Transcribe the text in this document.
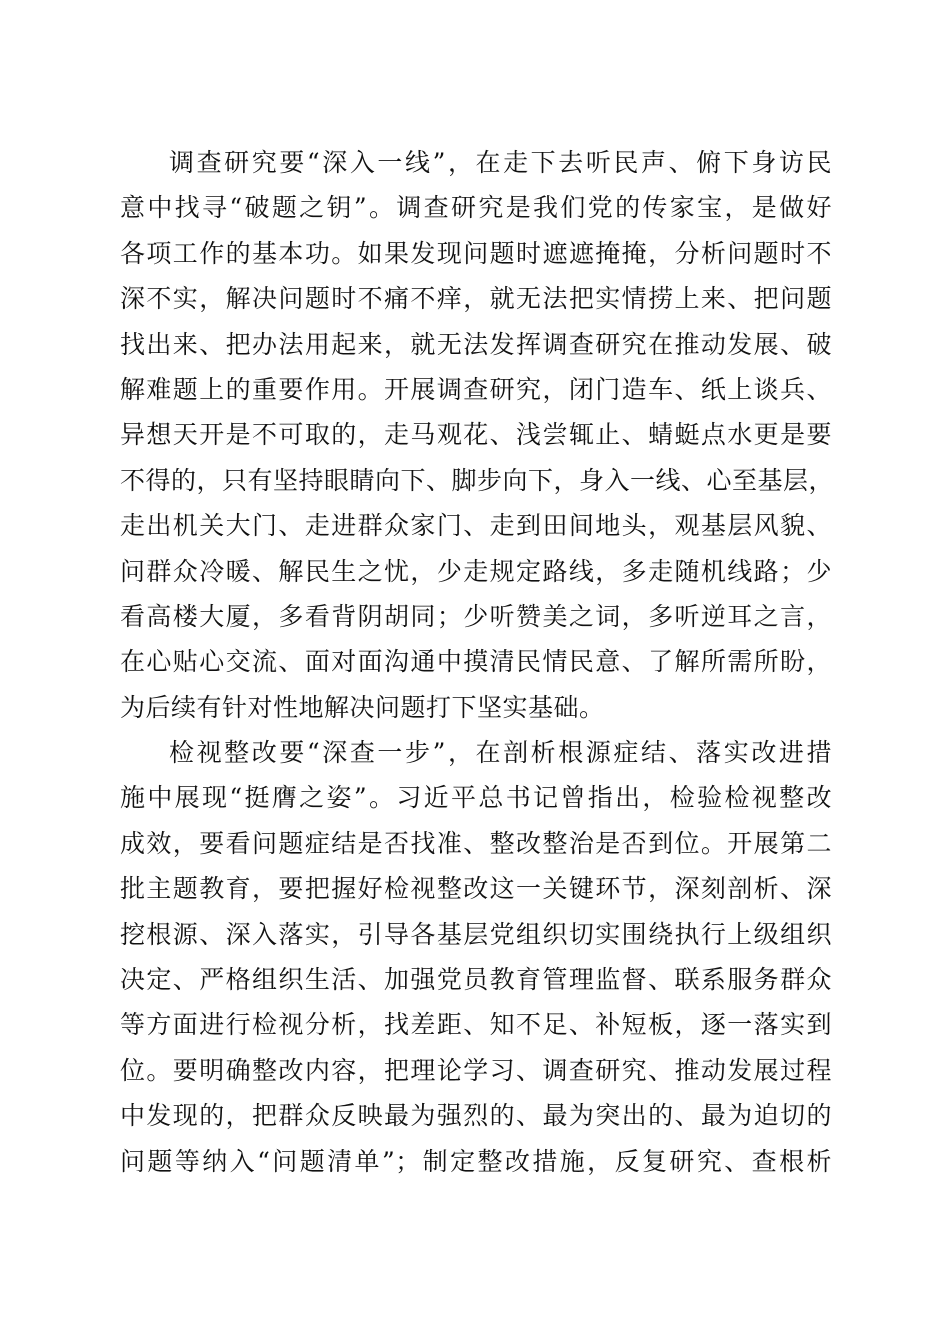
调查研究要“深入一线”，在走下去听民声、俯下身访民
意中找寻“破题之钥”。调查研究是我们党的传家宝，是做好
各项工作的基本功。如果发现问题时遮遮掩掩，分析问题时不
深不实，解决问题时不痛不痒，就无法把实情捞上来、把问题
找出来、把办法用起来，就无法发挥调查研究在推动发展、破
解难题上的重要作用。开展调查研究，闭门造车、纸上谈兵、
异想天开是不可取的，走马观花、浅尝辄止、蜻蜓点水更是要
不得的，只有坚持眼睛向下、脚步向下，身入一线、心至基层，
走出机关大门、走进群众家门、走到田间地头，观基层风貌、
问群众冷暖、解民生之忧，少走规定路线，多走随机线路；少
看高楼大厦，多看背阴胡同；少听赞美之词，多听逆耳之言，
在心贴心交流、面对面沟通中摸清民情民意、了解所需所盼，
为后续有针对性地解决问题打下坚实基础。
检视整改要“深查一步”，在剖析根源症结、落实改进措
施中展现“挺膺之姿”。习近平总书记曾指出，检验检视整改
成效，要看问题症结是否找准、整改整治是否到位。开展第二
批主题教育，要把握好检视整改这一关键环节，深刻剖析、深
挖根源、深入落实，引导各基层党组织切实围绕执行上级组织
决定、严格组织生活、加强党员教育管理监督、联系服务群众
等方面进行检视分析，找差距、知不足、补短板，逐一落实到
位。要明确整改内容，把理论学习、调查研究、推动发展过程
中发现的，把群众反映最为强烈的、最为突出的、最为迫切的
问题等纳入“问题清单”；制定整改措施，反复研究、查根析
